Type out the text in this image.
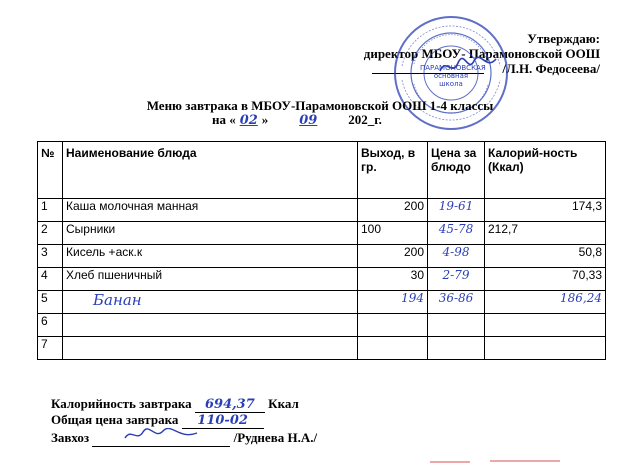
Утверждаю:
директор МБОУ- Парамоновской ООШ
/Л.Н. Федосеева/
ПАРАМОНОВСКАЯ
основная
школа
Меню завтрака в МБОУ-Парамоновской ООШ 1-4 классы
на « 02 » 09 202_г.
№	Наименование блюда	Выход, в гр.	Цена за блюдо	Калорий-ность (Ккал)
1	Каша молочная манная	200	19-61	174,3
2	Сырники	100	45-78	212,7
3	Кисель +аск.к	200	4-98	50,8
4	Хлеб пшеничный	30	2-79	70,33
5	Банан	194	36-86	186,24
6				
7				
Калорийность завтрака 694,37 Ккал
Общая цена завтрака 110-02
Завхоз	/Руднева Н.А./
